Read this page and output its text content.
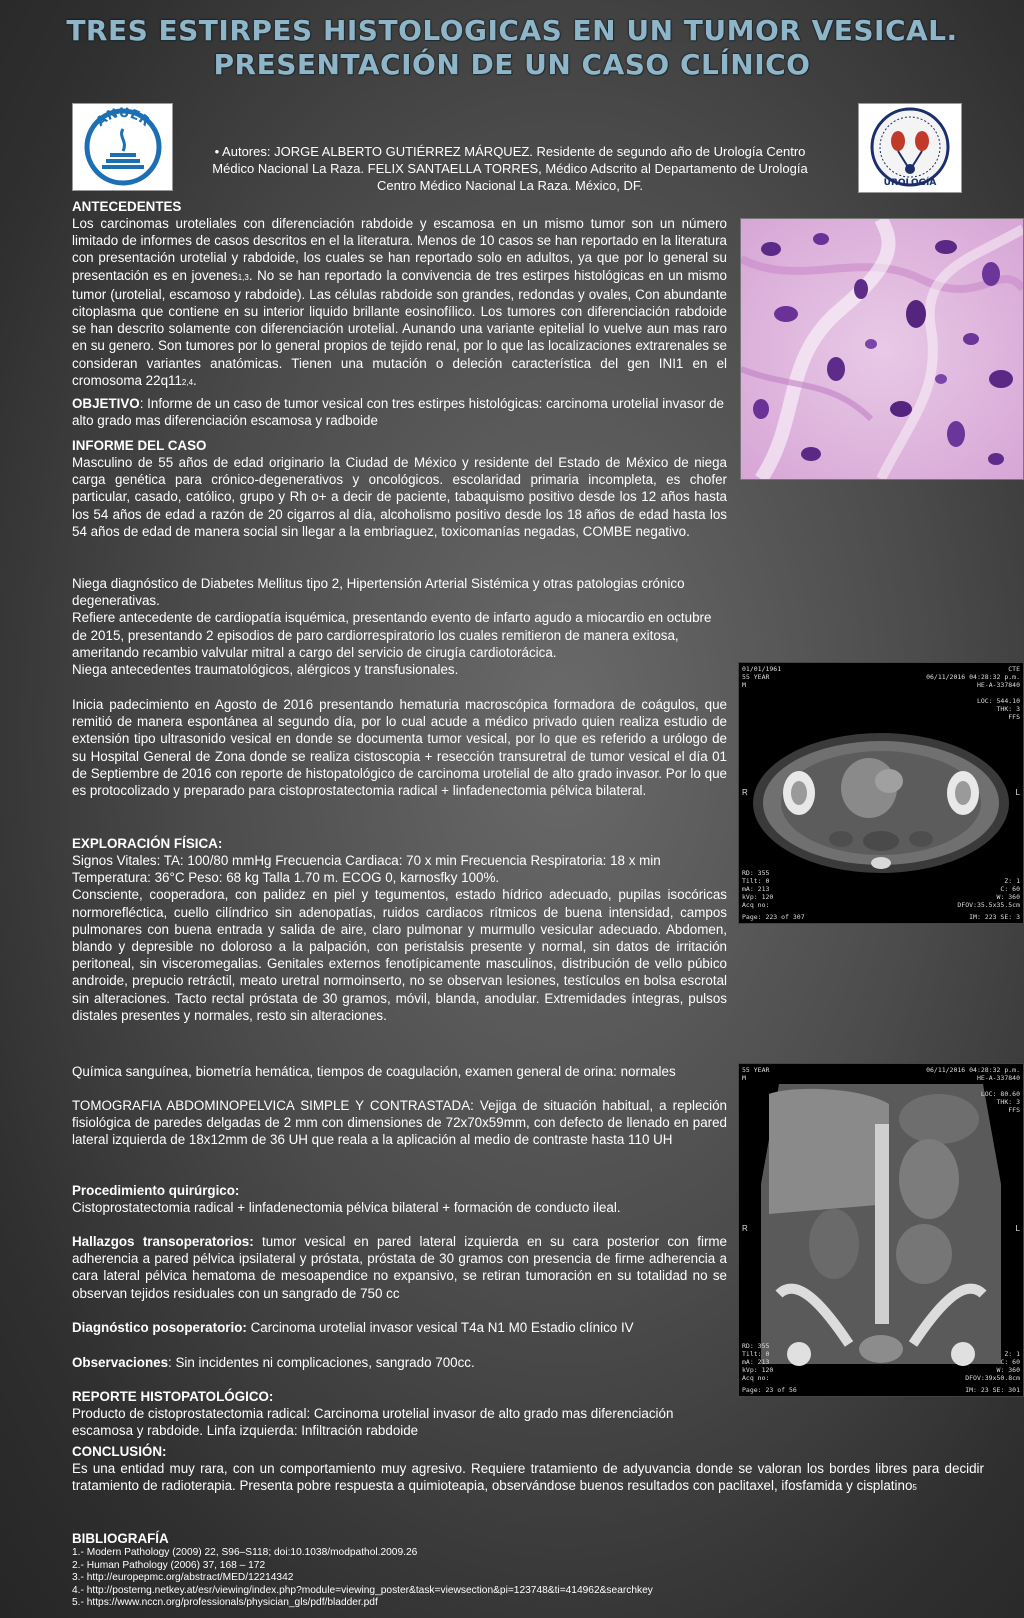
TRES ESTIRPES HISTOLOGICAS EN UN TUMOR VESICAL.
PRESENTACIÓN DE UN CASO CLÍNICO
ANUER
UROLOGÍA
• Autores: JORGE ALBERTO GUTIÉRREZ MÁRQUEZ. Residente de segundo año de Urología Centro Médico Nacional La Raza. FELIX SANTAELLA TORRES, Médico Adscrito al Departamento de Urología Centro Médico Nacional La Raza. México, DF.
ANTECEDENTES

Los carcinomas uroteliales con diferenciación rabdoide y escamosa en un mismo tumor son un número limitado de informes de casos descritos en el la literatura. Menos de 10 casos se han reportado en la literatura con presentación urotelial y rabdoide, los cuales se han reportado solo en adultos, ya que por lo general su presentación es en jovenes1,3. No se han reportado la convivencia de tres estirpes histológicas en un mismo tumor (urotelial, escamoso y rabdoide). Las células rabdoide son grandes, redondas y ovales, Con abundante citoplasma que contiene en su interior liquido brillante eosinofílico. Los tumores con diferenciación rabdoide se han descrito solamente con diferenciación urotelial. Aunando una variante epitelial lo vuelve aun mas raro en su genero. Son tumores por lo general propios de tejido renal, por lo que las localizaciones extrarenales se consideran variantes anatómicas. Tienen una mutación o deleción característica del gen INI1 en el cromosoma 22q112,4.

OBJETIVO: Informe de un caso de tumor vesical con tres estirpes histológicas: carcinoma urotelial invasor de alto grado mas diferenciación escamosa y radboide

INFORME DEL CASO

Masculino de 55 años de edad originario la Ciudad de México y residente del Estado de México de niega carga genética para crónico-degenerativos y oncológicos. escolaridad primaria incompleta, es chofer particular, casado, católico, grupo y Rh o+ a decir de paciente, tabaquismo positivo desde los 12 años hasta los 54 años de edad a razón de 20 cigarros al día, alcoholismo positivo desde los 18 años de edad hasta los 54 años de edad de manera social sin llegar a la embriaguez, toxicomanías negadas, COMBE negativo.

Niega diagnóstico de Diabetes Mellitus tipo 2, Hipertensión Arterial Sistémica y otras patologias crónico degenerativas.

Refiere antecedente de cardiopatía isquémica, presentando evento de infarto agudo a miocardio en octubre de 2015, presentando 2 episodios de paro cardiorrespiratorio los cuales remitieron de manera exitosa, ameritando recambio valvular mitral a cargo del servicio de cirugía cardiotorácica.

Niega antecedentes traumatológicos, alérgicos y transfusionales.

Inicia padecimiento en Agosto de 2016 presentando hematuria macroscópica formadora de coágulos, que remitió de manera espontánea al segundo día, por lo cual acude a médico privado quien realiza estudio de extensión tipo ultrasonido vesical en donde se documenta tumor vesical, por lo que es referido a urólogo de su Hospital General de Zona donde se realiza cistoscopia + resección transuretral de tumor vesical el día 01 de Septiembre de 2016 con reporte de histopatológico de carcinoma urotelial de alto grado invasor. Por lo que es protocolizado y preparado para cistoprostatectomia radical + linfadenectomia pélvica bilateral.

EXPLORACIÓN FÍSICA:

Signos Vitales: TA: 100/80 mmHg Frecuencia Cardiaca: 70 x min Frecuencia Respiratoria: 18 x min Temperatura: 36°C Peso: 68 kg Talla 1.70 m. ECOG 0, karnosfky 100%.

Consciente, cooperadora, con palidez en piel y tegumentos, estado hídrico adecuado, pupilas isocóricas normorefléctica, cuello cilíndrico sin adenopatías, ruidos cardiacos rítmicos de buena intensidad, campos pulmonares con buena entrada y salida de aire, claro pulmonar y murmullo vesicular adecuado. Abdomen, blando y depresible no doloroso a la palpación, con peristalsis presente y normal, sin datos de irritación peritoneal, sin visceromegalias. Genitales externos fenotípicamente masculinos, distribución de vello púbico androide, prepucio retráctil, meato uretral normoinserto, no se observan lesiones, testículos en bolsa escrotal sin alteraciones. Tacto rectal próstata de 30 gramos, móvil, blanda, anodular. Extremidades íntegras, pulsos distales presentes y normales, resto sin alteraciones.

Química sanguínea, biometría hemática, tiempos de coagulación, examen general de orina: normales

TOMOGRAFIA ABDOMINOPELVICA SIMPLE Y CONTRASTADA: Vejiga de situación habitual, a repleción fisiológica de paredes delgadas de 2 mm con dimensiones de 72x70x59mm, con defecto de llenado en pared lateral izquierda de 18x12mm de 36 UH que reala a la aplicación al medio de contraste hasta 110 UH

Procedimiento quirúrgico:

Cistoprostatectomia radical + linfadenectomia pélvica bilateral + formación de conducto ileal.

Hallazgos transoperatorios: tumor vesical en pared lateral izquierda en su cara posterior con firme adherencia a pared pélvica ipsilateral y próstata, próstata de 30 gramos con presencia de firme adherencia a cara lateral pélvica hematoma de mesoapendice no expansivo, se retiran tumoración en su totalidad no se observan tejidos residuales con un sangrado de 750 cc

Diagnóstico posoperatorio: Carcinoma urotelial invasor vesical T4a N1 M0 Estadio clínico IV

Observaciones: Sin incidentes ni complicaciones, sangrado 700cc.

REPORTE HISTOPATOLÓGICO:

Producto de cistoprostatectomia radical: Carcinoma urotelial invasor de alto grado mas diferenciación escamosa y rabdoide. Linfa izquierda: Infiltración rabdoide

CONCLUSIÓN:

Es una entidad muy rara, con un comportamiento muy agresivo. Requiere tratamiento de adyuvancia donde se valoran los bordes libres para decidir tratamiento de radioterapia. Presenta pobre respuesta a quimioteapia, observándose buenos resultados con paclitaxel, ifosfamida y cisplatino5

BIBLIOGRAFÍA
1.- Modern Pathology (2009) 22, S96–S118; doi:10.1038/modpathol.2009.26
2.- Human Pathology (2006) 37, 168 – 172
3.- http://europepmc.org/abstract/MED/12214342
4.- http://posterng.netkey.at/esr/viewing/index.php?module=viewing_poster&task=viewsection&pi=123748&ti=414962&searchkey
5.- https://www.nccn.org/professionals/physician_gls/pdf/bladder.pdf
01/01/1961
55 YEAR
M
CTE
06/11/2016 04:28:32 p.m.
HE-A-337840
LOC: 544.10
THK: 3
FFS
R	L
RD: 355
Tilt: 0
mA: 213
kVp: 120
Acq no:
Page: 223 of 307
Z: 1
C: 60
W: 360
DFOV:35.5x35.5cm
IM: 223 SE: 3
55 YEAR
M
06/11/2016 04:28:32 p.m.
HE-A-337840
LOC: 80.60
THK: 3
FFS
R	L
RD: 355
Tilt: 0
mA: 213
kVp: 120
Acq no:
Page: 23 of 56
Z: 1
C: 60
W: 360
DFOV:39x50.8cm
IM: 23 SE: 301
